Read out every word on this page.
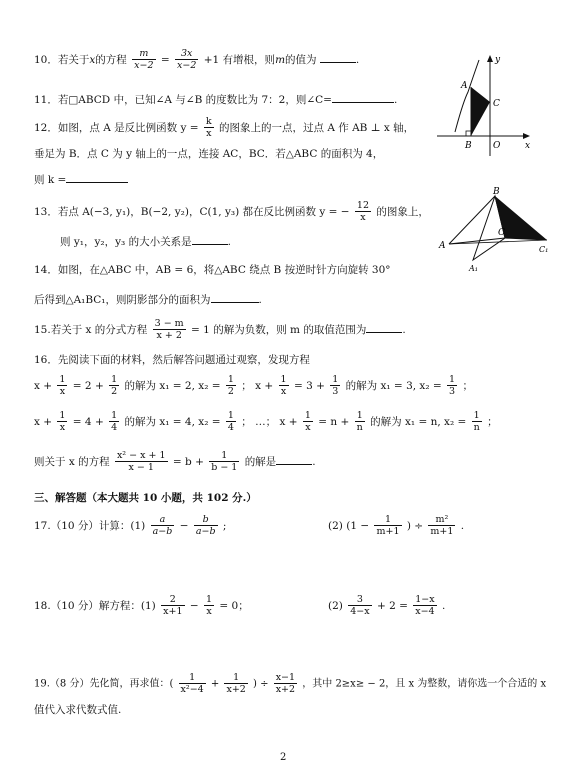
10．若关于x的方程 $\frac{m}{x-2} = \frac{3x}{x-2} +1$ 有增根，则m的值为	.
11．若□ABCD 中，已知∠A 与∠B 的度数比为 7：2，则∠C=	.
12．如图，点 A 是反比例函数 $y = \frac{k}{x}$ 的图象上的一点，过点 A 作 AB ⊥ x 轴，
垂足为 B．点 C 为 y 轴上的一点，连接 AC，BC．若△ABC 的面积为 4，
则 k =
y
A
C
B O	x
13．若点 A(−3, y₁)，B(−2, y₂)，C(1, y₃) 都在反比例函数 y = − $\frac{12}{x}$ 的图象上，
则 y₁，y₂，y₃ 的大小关系是	.
B
C
C₁
A
A₁
14．如图，在△ABC 中，AB = 6，将△ABC 绕点 B 按逆时针方向旋转 30°
后得到△A₁BC₁，则阴影部分的面积为	.
15.若关于 x 的分式方程 $\frac{3 - m}{x + 2} = 1$ 的解为负数，则 m 的取值范围为	.
16．先阅读下面的材料，然后解答问题通过观察，发现方程
$x + \frac{1}{x} = 2 + \frac{1}{2}$ 的解为 x₁ = 2, $x_2 = \frac{1}{2}$ ； $x + \frac{1}{x} = 3 + \frac{1}{3}$ 的解为 x₁ = 3, $x_2 = \frac{1}{3}$ ；
$x + \frac{1}{x} = 4 + \frac{1}{4}$ 的解为 x₁ = 4, $x_2 = \frac{1}{4}$ ； …； $x + \frac{1}{x} = n + \frac{1}{n}$ 的解为 x₁ = n, $x_2 = \frac{1}{n}$ ；
则关于 x 的方程 $\frac{\text{x² − x + 1}}{x - 1} = b + \frac{1}{b - 1}$ 的解是	.
三、解答题（本大题共 10 小题，共 102 分.）
17.（10 分）计算：$(1) \frac{a}{a-b} - \frac{b}{a-b}$ ;	(2) ($1 - \frac{1}{m+1}$ ) ÷ $\frac{\text{m²}}{m+1}$ .
18.（10 分）解方程：$(1) \frac{2}{x+1} - \frac{1}{x} = 0$；	$(2) \frac{3}{4-x} + 2 = \frac{1-x}{x-4}$ .
19.（8 分）先化简，再求值：( $\frac{1}{\text{x²−4}} + \frac{1}{x+2}$ ) ÷ $\frac{x-1}{x+2}$ ，其中 2≥x≥ − 2，且 x 为整数，请你选一个合适的 x
值代入求代数式值.
2
